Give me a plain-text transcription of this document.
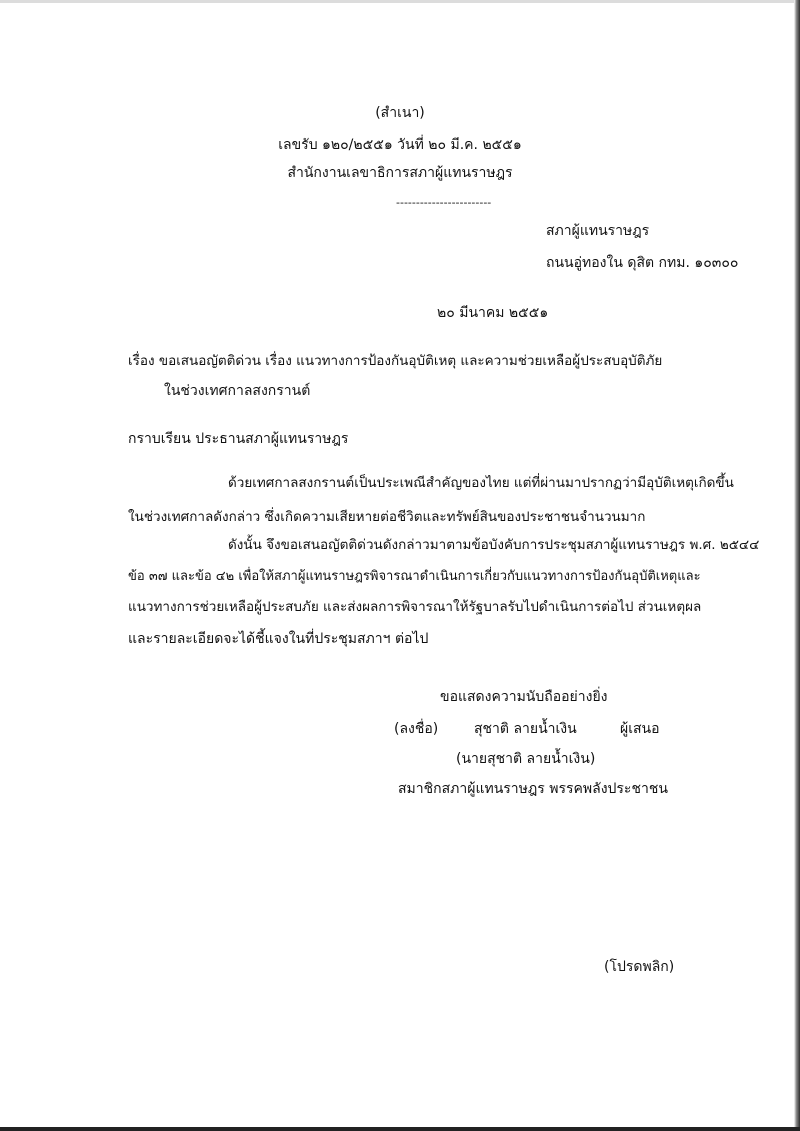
(สำเนา)
เลขรับ ๑๒๐/๒๕๕๑ วันที่ ๒๐ มี.ค. ๒๕๕๑
สำนักงานเลขาธิการสภาผู้แทนราษฎร
------------------------
สภาผู้แทนราษฎร
ถนนอู่ทองใน ดุสิต กทม. ๑๐๓๐๐
๒๐ มีนาคม ๒๕๕๑
เรื่อง ขอเสนอญัตติด่วน เรื่อง แนวทางการป้องกันอุบัติเหตุ และความช่วยเหลือผู้ประสบอุบัติภัย
ในช่วงเทศกาลสงกรานต์
กราบเรียน ประธานสภาผู้แทนราษฎร
ด้วยเทศกาลสงกรานต์เป็นประเพณีสำคัญของไทย แต่ที่ผ่านมาปรากฏว่ามีอุบัติเหตุเกิดขึ้น
ในช่วงเทศกาลดังกล่าว ซึ่งเกิดความเสียหายต่อชีวิตและทรัพย์สินของประชาชนจำนวนมาก
ดังนั้น จึงขอเสนอญัตติด่วนดังกล่าวมาตามข้อบังคับการประชุมสภาผู้แทนราษฎร พ.ศ. ๒๕๔๔
ข้อ ๓๗ และข้อ ๔๒ เพื่อให้สภาผู้แทนราษฎรพิจารณาดำเนินการเกี่ยวกับแนวทางการป้องกันอุบัติเหตุและ
แนวทางการช่วยเหลือผู้ประสบภัย และส่งผลการพิจารณาให้รัฐบาลรับไปดำเนินการต่อไป ส่วนเหตุผล
และรายละเอียดจะได้ชี้แจงในที่ประชุมสภาฯ ต่อไป
ขอแสดงความนับถืออย่างยิ่ง
(ลงชื่อ)	สุชาติ ลายน้ำเงิน	ผู้เสนอ
(นายสุชาติ ลายน้ำเงิน)
สมาชิกสภาผู้แทนราษฎร พรรคพลังประชาชน
(โปรดพลิก)
